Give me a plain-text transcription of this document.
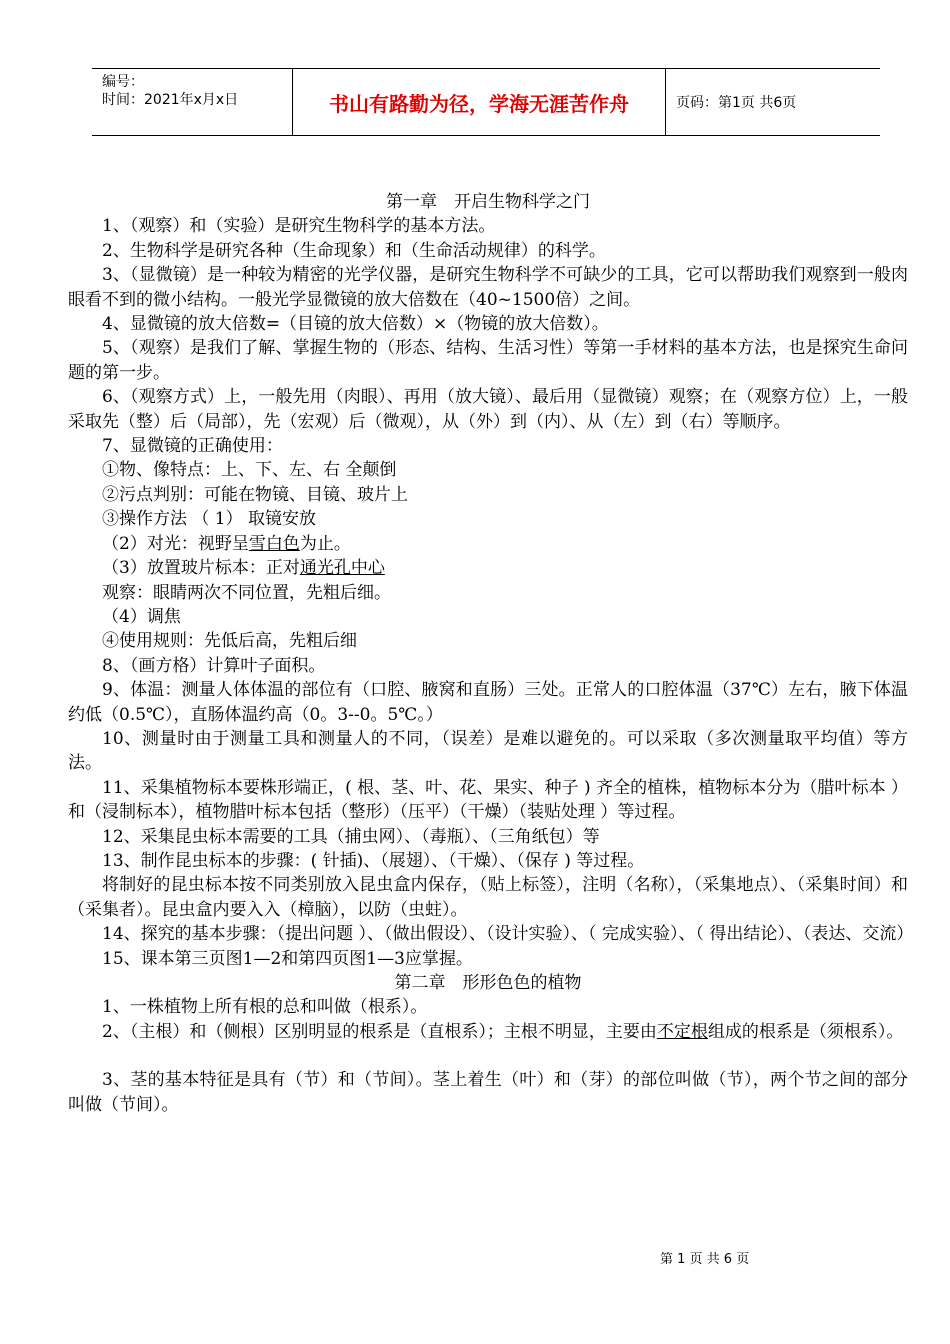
编号：
时间：2021年x月x日	书山有路勤为径，学海无涯苦作舟	页码：第1页 共6页
第一章　开启生物科学之门

1、（观察）和（实验）是研究生物科学的基本方法。

2、生物科学是研究各种（生命现象）和（生命活动规律）的科学。

3、（显微镜）是一种较为精密的光学仪器，是研究生物科学不可缺少的工具，它可以帮助我们观察到一般肉眼看不到的微小结构。一般光学显微镜的放大倍数在（40~1500倍）之间。

4、显微镜的放大倍数=（目镜的放大倍数）×（物镜的放大倍数）。

5、（观察）是我们了解、掌握生物的（形态、结构、生活习性）等第一手材料的基本方法，也是探究生命问题的第一步。

6、（观察方式）上，一般先用（肉眼）、再用（放大镜）、最后用（显微镜）观察；在（观察方位）上，一般采取先（整）后（局部），先（宏观）后（微观），从（外）到（内）、从（左）到（右）等顺序。

7、显微镜的正确使用：

①物、像特点：上、下、左、右 全颠倒

②污点判别：可能在物镜、目镜、玻片上

③操作方法 （ 1） 取镜安放

（2）对光：视野呈雪白色为止。

（3）放置玻片标本：正对通光孔中心

观察：眼睛两次不同位置，先粗后细。

（4）调焦

④使用规则：先低后高，先粗后细

8、（画方格）计算叶子面积。

9、体温：测量人体体温的部位有（口腔、腋窝和直肠）三处。正常人的口腔体温（37℃）左右，腋下体温约低（0.5℃），直肠体温约高（0。3--0。5℃。）

10、测量时由于测量工具和测量人的不同，（误差）是难以避免的。可以采取（多次测量取平均值）等方法。

11、采集植物标本要株形端正，( 根、茎、叶、花、果实、种子 ) 齐全的植株，植物标本分为（腊叶标本 ）和（浸制标本），植物腊叶标本包括（整形）（压平）（干燥）（装贴处理 ）等过程。

12、采集昆虫标本需要的工具（捕虫网）、（毒瓶）、（三角纸包）等

13、制作昆虫标本的步骤：( 针插)、（展翅）、（干燥）、（保存 ) 等过程。

将制好的昆虫标本按不同类别放入昆虫盒内保存，（贴上标签），注明（名称），（采集地点）、（采集时间）和（采集者）。昆虫盒内要入入（樟脑），以防（虫蛀）。

14、探究的基本步骤：（提出问题 ）、（做出假设）、（设计实验）、（ 完成实验）、（ 得出结论）、（表达、交流）

15、课本第三页图1—2和第四页图1—3应掌握。

第二章　形形色色的植物

1、一株植物上所有根的总和叫做（根系）。

2、（主根）和（侧根）区别明显的根系是（直根系）；主根不明显，主要由不定根组成的根系是（须根系）。

3、茎的基本特征是具有（节）和（节间）。茎上着生（叶）和（芽）的部位叫做（节），两个节之间的部分叫做（节间）。

第 1 页 共 6 页
